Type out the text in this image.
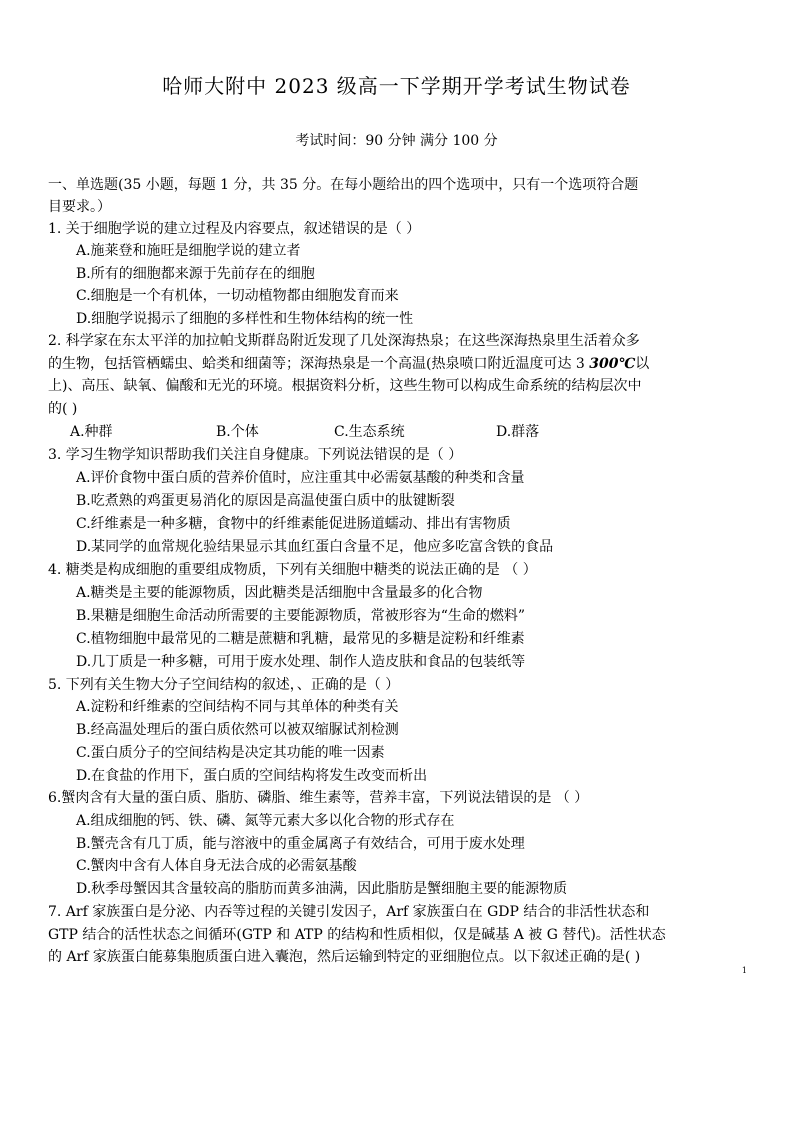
哈师大附中 2023 级高一下学期开学考试生物试卷
考试时间：90 分钟 满分 100 分
一、单选题(35 小题，每题 1 分，共 35 分。在每小题给出的四个选项中，只有一个选项符合题
目要求。）
1. 关于细胞学说的建立过程及内容要点，叙述错误的是（ ）
A.施莱登和施旺是细胞学说的建立者
B.所有的细胞都来源于先前存在的细胞
C.细胞是一个有机体，一切动植物都由细胞发育而来
D.细胞学说揭示了细胞的多样性和生物体结构的统一性
2. 科学家在东太平洋的加拉帕戈斯群岛附近发现了几处深海热泉；在这些深海热泉里生活着众多
的生物，包括管栖蠕虫、蛤类和细菌等；深海热泉是一个高温(热泉喷口附近温度可达 3 300℃以
上)、高压、缺氧、偏酸和无光的环境。根据资料分析，这些生物可以构成生命系统的结构层次中
的( )
A.种群	B.个体	C.生态系统	D.群落
3. 学习生物学知识帮助我们关注自身健康。下列说法错误的是（ ）
A.评价食物中蛋白质的营养价值时，应注重其中必需氨基酸的种类和含量
B.吃煮熟的鸡蛋更易消化的原因是高温使蛋白质中的肽键断裂
C.纤维素是一种多糖，食物中的纤维素能促进肠道蠕动、排出有害物质
D.某同学的血常规化验结果显示其血红蛋白含量不足，他应多吃富含铁的食品
4. 糖类是构成细胞的重要组成物质，下列有关细胞中糖类的说法正确的是 （ ）
A.糖类是主要的能源物质，因此糖类是活细胞中含量最多的化合物
B.果糖是细胞生命活动所需要的主要能源物质，常被形容为“生命的燃料”
C.植物细胞中最常见的二糖是蔗糖和乳糖，最常见的多糖是淀粉和纤维素
D.几丁质是一种多糖，可用于废水处理、制作人造皮肤和食品的包装纸等
5. 下列有关生物大分子空间结构的叙述，、正确的是（ ）
A.淀粉和纤维素的空间结构不同与其单体的种类有关
B.经高温处理后的蛋白质依然可以被双缩脲试剂检测
C.蛋白质分子的空间结构是决定其功能的唯一因素
D.在食盐的作用下，蛋白质的空间结构将发生改变而析出
6.蟹肉含有大量的蛋白质、脂肪、磷脂、维生素等，营养丰富，下列说法错误的是 （ ）
A.组成细胞的钙、铁、磷、氮等元素大多以化合物的形式存在
B.蟹壳含有几丁质，能与溶液中的重金属离子有效结合，可用于废水处理
C.蟹肉中含有人体自身无法合成的必需氨基酸
D.秋季母蟹因其含量较高的脂肪而黄多油满，因此脂肪是蟹细胞主要的能源物质
7. Arf 家族蛋白是分泌、内吞等过程的关键引发因子，Arf 家族蛋白在 GDP 结合的非活性状态和
GTP 结合的活性状态之间循环(GTP 和 ATP 的结构和性质相似，仅是碱基 A 被 G 替代)。活性状态
的 Arf 家族蛋白能募集胞质蛋白进入囊泡，然后运输到特定的亚细胞位点。以下叙述正确的是( )
1
